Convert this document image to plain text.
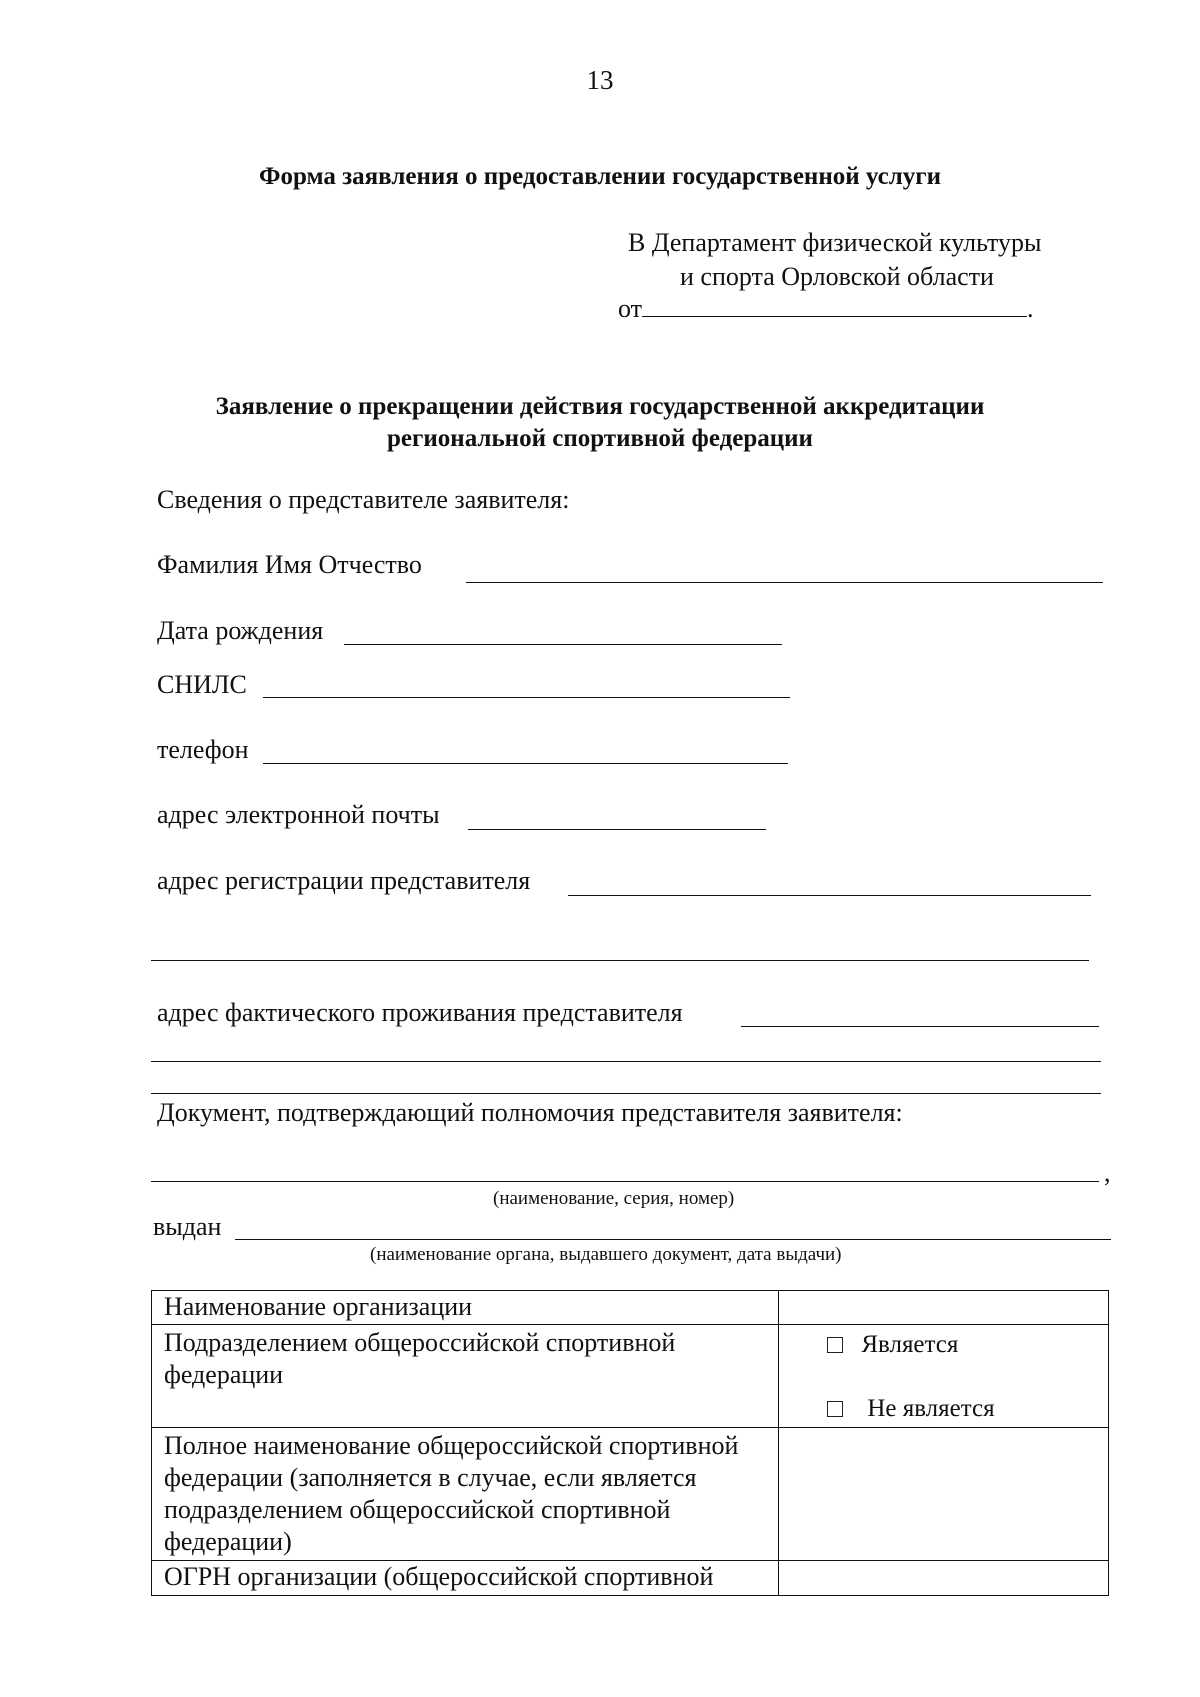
13
Форма заявления о предоставлении государственной услуги
В Департамент физической культуры
и спорта Орловской области
от	.
Заявление о прекращении действия государственной аккредитации
региональной спортивной федерации
Сведения о представителе заявителя:
Фамилия Имя Отчество
Дата рождения
СНИЛС
телефон
адрес электронной почты
адрес регистрации представителя
адрес фактического проживания представителя
Документ, подтверждающий полномочия представителя заявителя:
,
(наименование, серия, номер)
выдан
(наименование органа, выдавшего документ, дата выдачи)
Наименование организации	
Подразделением общероссийской спортивной федерации	Является
Не является

Полное наименование общероссийской спортивной федерации (заполняется в случае, если является подразделением общероссийской спортивной федерации)	
ОГРН организации (общероссийской спортивной	
